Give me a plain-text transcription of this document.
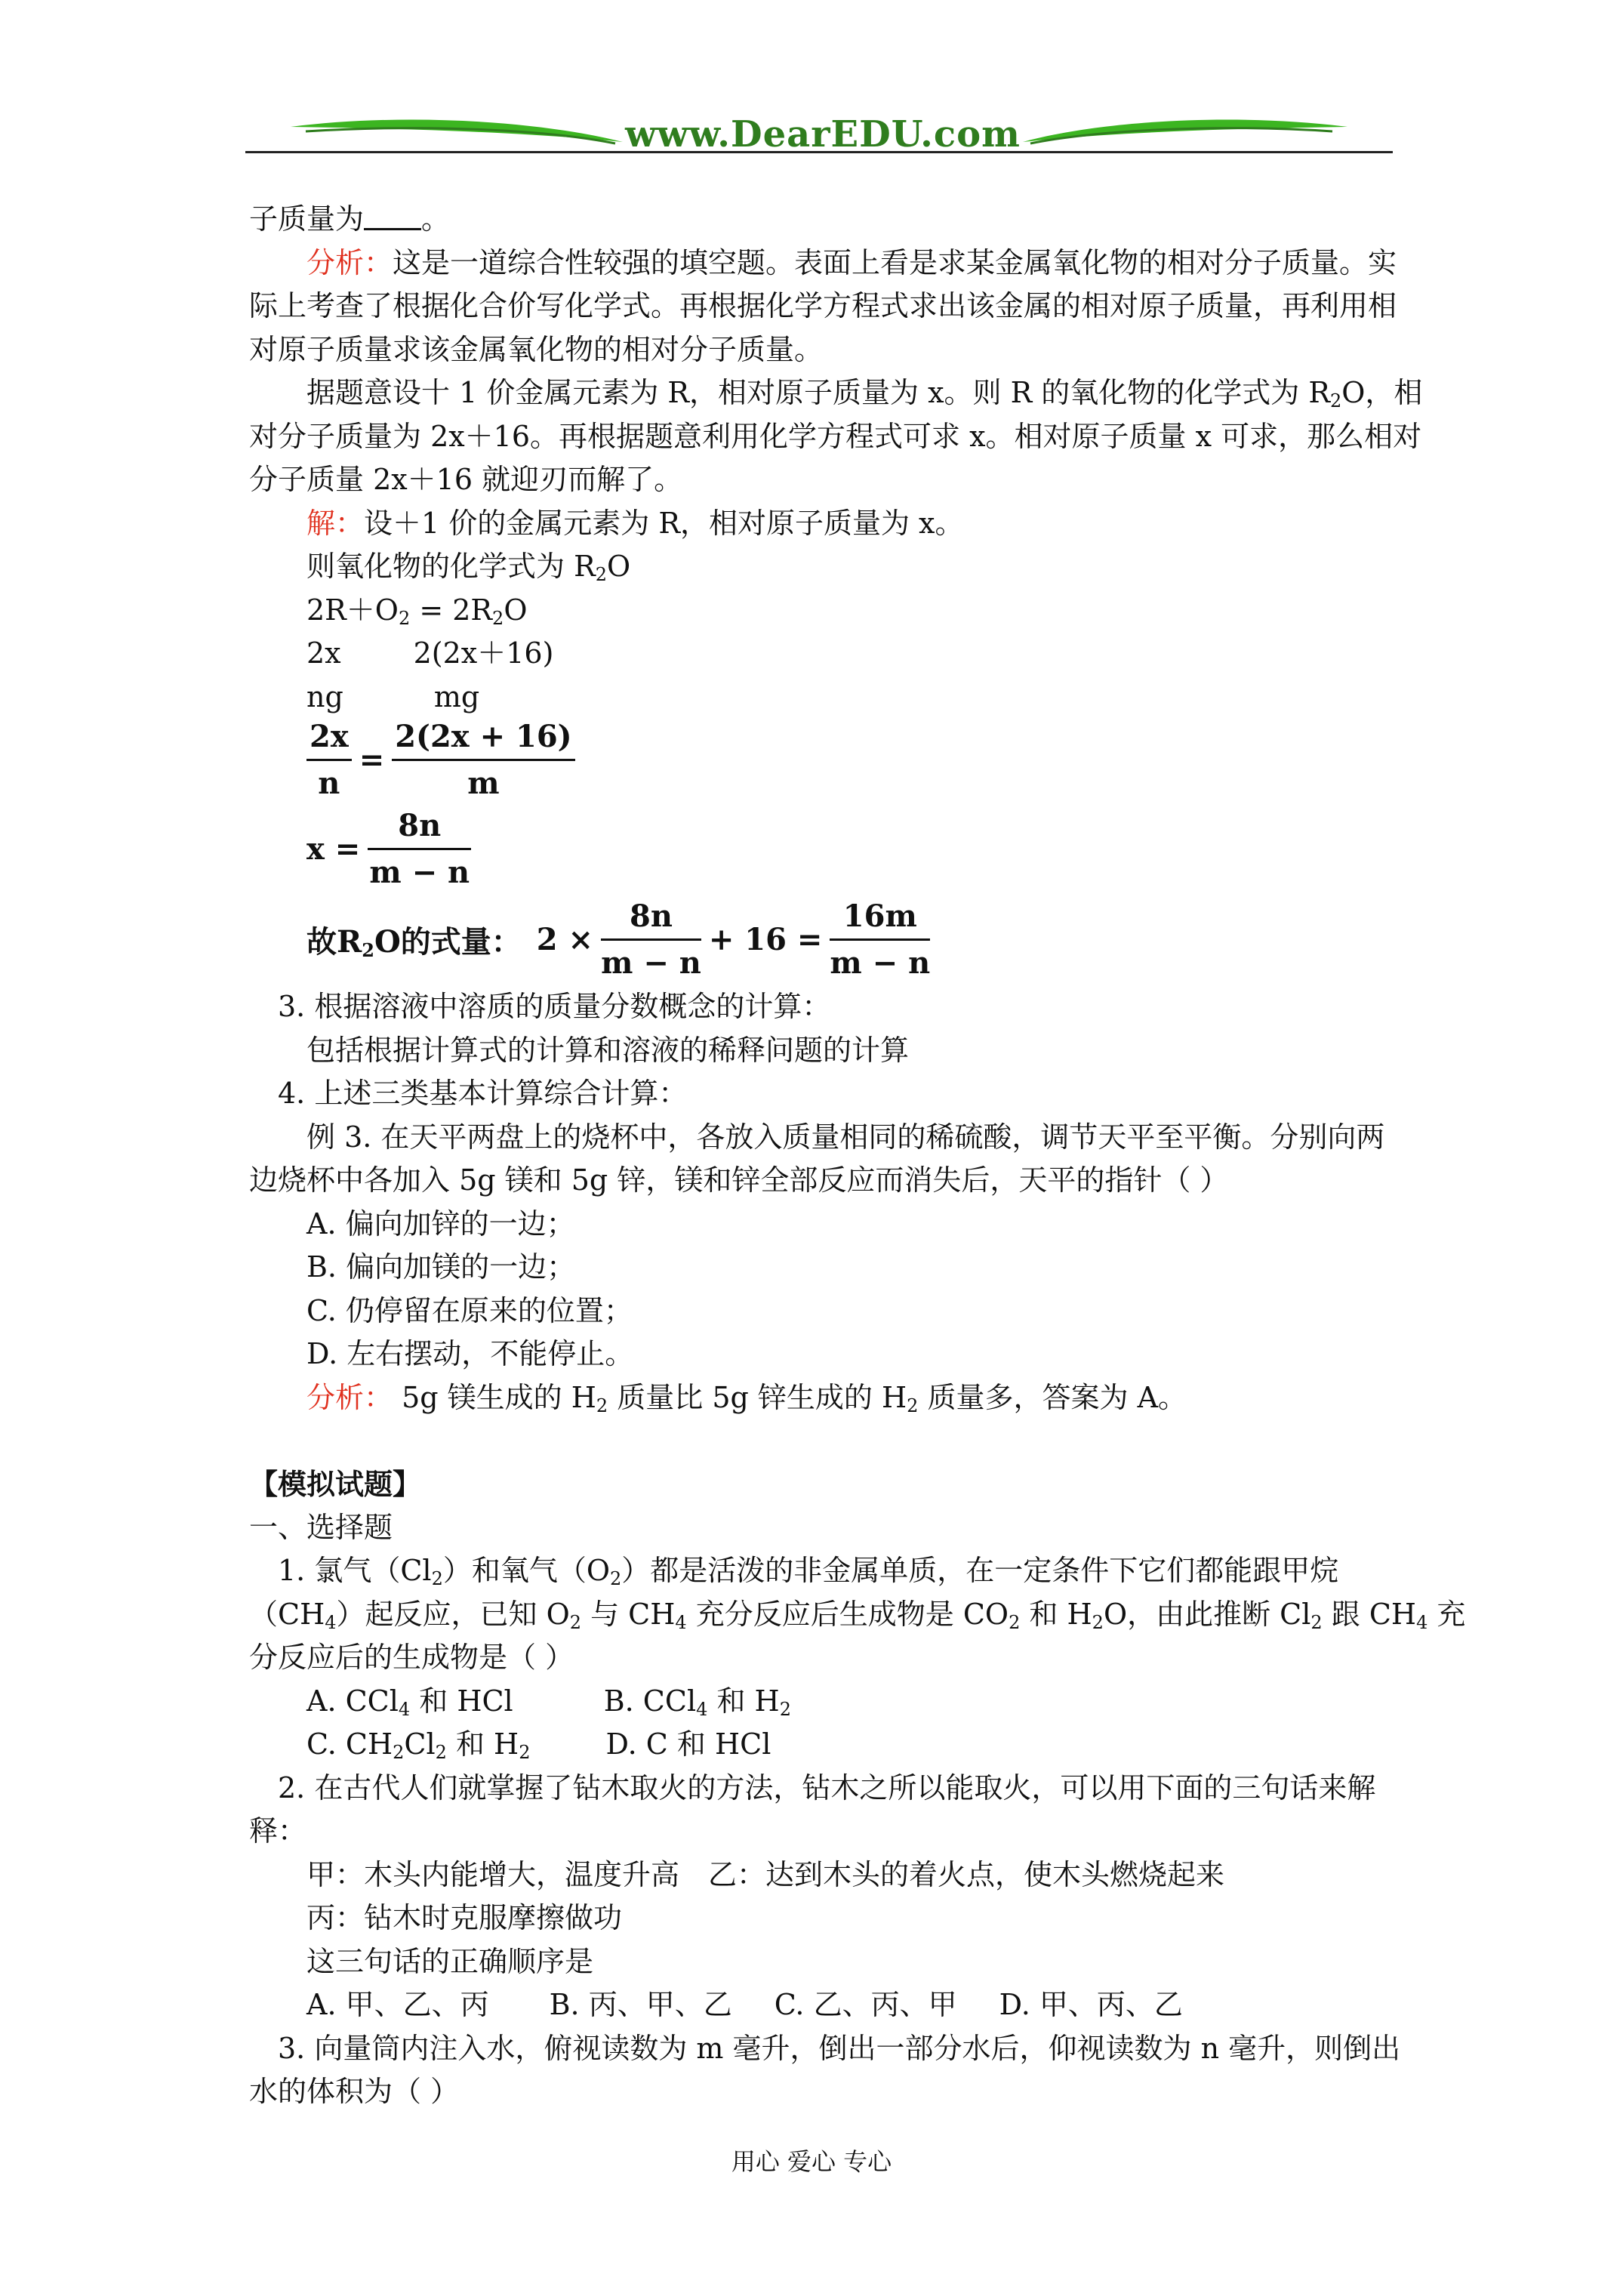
www.DearEDU.com
子质量为 。
分析：这是一道综合性较强的填空题。表面上看是求某金属氧化物的相对分子质量。实
际上考查了根据化合价写化学式。再根据化学方程式求出该金属的相对原子质量，再利用相
对原子质量求该金属氧化物的相对分子质量。
据题意设十 1 价金属元素为 R，相对原子质量为 x。则 R 的氧化物的化学式为 $R_2O$，相
对分子质量为 2x＋16。再根据题意利用化学方程式可求 x。相对原子质量 x 可求，那么相对
分子质量 2x＋16 就迎刃而解了。
解：设＋1 价的金属元素为 R，相对原子质量为 x。
则氧化物的化学式为 $R_2O$
$2R+O_2 = 2R_2O$
2x	2(2x＋16)
ng	mg
$\frac{2x}{n} = \frac{2(2x + 16)}{m}$
$x = \frac{8n}{m - n}$
故$R_2O$的式量： $2 \times \frac{8n}{m - n} + 16 = \frac{16m}{m - n}$
3. 根据溶液中溶质的质量分数概念的计算：
包括根据计算式的计算和溶液的稀释问题的计算
4. 上述三类基本计算综合计算：
例 3. 在天平两盘上的烧杯中，各放入质量相同的稀硫酸，调节天平至平衡。分别向两
边烧杯中各加入 5g 镁和 5g 锌，镁和锌全部反应而消失后，天平的指针（ ）
A. 偏向加锌的一边；
B. 偏向加镁的一边；
C. 仍停留在原来的位置；
D. 左右摆动，不能停止。
分析： 5g 镁生成的 $H_2$ 质量比 5g 锌生成的 $H_2$ 质量多，答案为 A。
【模拟试题】
一、选择题
1. 氯气$(Cl_2)$和氧气$(O_2)$都是活泼的非金属单质，在一定条件下它们都能跟甲烷
$(CH_4)$起反应，已知 $O_2$ 与 $CH_4$ 充分反应后生成物是 $CO_2$ 和 $H_2O$，由此推断 $Cl_2$ 跟 $CH_4$ 充
分反应后的生成物是（ ）
A. CCl$_4$ 和 HCl	B. CCl$_4$ 和 $H_2$
C. $CH_2Cl_2$ 和 $H_2$	D. C 和 HCl
2. 在古代人们就掌握了钻木取火的方法，钻木之所以能取火，可以用下面的三句话来解
释：
甲：木头内能增大，温度升高 乙：达到木头的着火点，使木头燃烧起来
丙：钻木时克服摩擦做功
这三句话的正确顺序是
A. 甲、乙、丙 B. 丙、甲、乙 C. 乙、丙、甲 D. 甲、丙、乙
3. 向量筒内注入水，俯视读数为 m 毫升，倒出一部分水后，仰视读数为 n 毫升，则倒出
水的体积为（ ）
用心 爱心 专心
